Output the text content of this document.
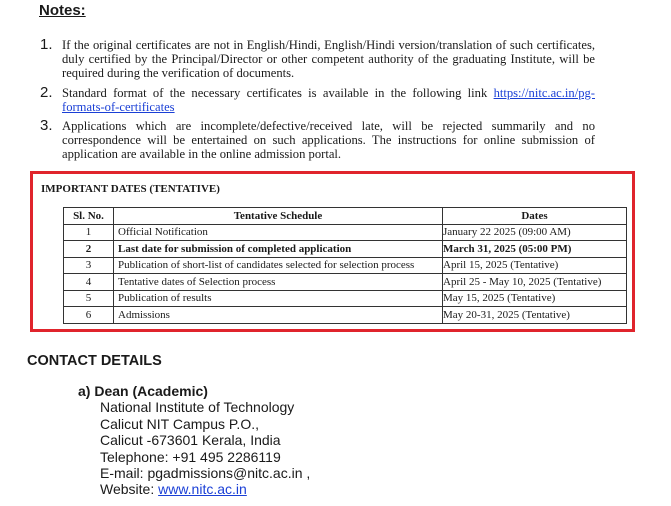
Notes:
1. If the original certificates are not in English/Hindi, English/Hindi version/translation of such certificates, duly certified by the Principal/Director or other competent authority of the graduating Institute, will be required during the verification of documents.
2. Standard format of the necessary certificates is available in the following link https://nitc.ac.in/pg-formats-of-certificates
3. Applications which are incomplete/defective/received late, will be rejected summarily and no correspondence will be entertained on such applications. The instructions for online submission of application are available in the online admission portal.
IMPORTANT DATES (TENTATIVE)
Sl. No.	Tentative Schedule	Dates
1	Official Notification	January 22 2025 (09:00 AM)
2	Last date for submission of completed application	March 31, 2025 (05:00 PM)
3	Publication of short-list of candidates selected for selection process	April 15, 2025 (Tentative)
4	Tentative dates of Selection process	April 25 - May 10, 2025 (Tentative)
5	Publication of results	May 15, 2025 (Tentative)
6	Admissions	May 20-31, 2025 (Tentative)
CONTACT DETAILS
a) Dean (Academic)
National Institute of Technology
Calicut NIT Campus P.O.,
Calicut -673601 Kerala, India
Telephone: +91 495 2286119
E-mail: pgadmissions@nitc.ac.in ,
Website: www.nitc.ac.in
